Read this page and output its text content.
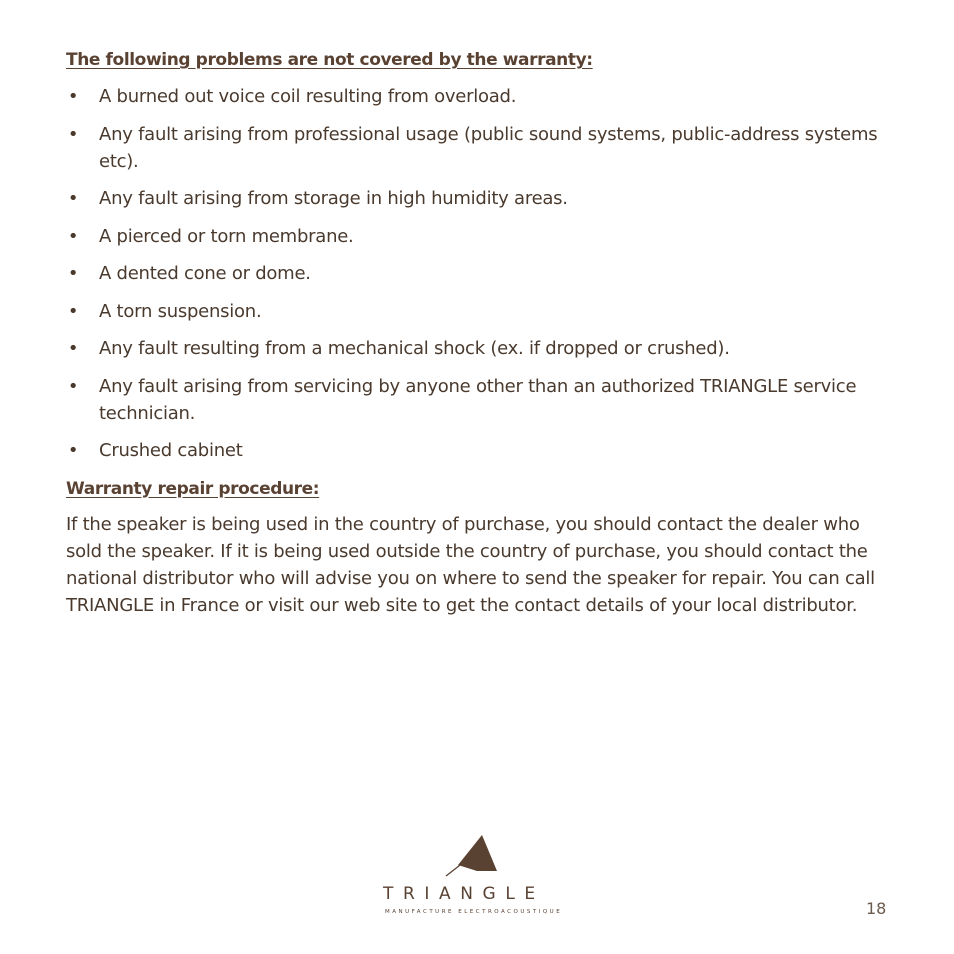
The following problems are not covered by the warranty:

• A burned out voice coil resulting from overload.
• Any fault arising from professional usage (public sound systems, public-address systems etc).
• Any fault arising from storage in high humidity areas.
• A pierced or torn membrane.
• A dented cone or dome.
• A torn suspension.
• Any fault resulting from a mechanical shock (ex. if dropped or crushed).
• Any fault arising from servicing by anyone other than an authorized TRIANGLE service technician.
• Crushed cabinet

Warranty repair procedure:

If the speaker is being used in the country of purchase, you should contact the dealer who sold the speaker. If it is being used outside the country of purchase, you should contact the national distributor who will advise you on where to send the speaker for repair. You can call TRIANGLE in France or visit our web site to get the contact details of your local distributor.

TRIANGLE
MANUFACTURE ELECTROACOUSTIQUE	18
